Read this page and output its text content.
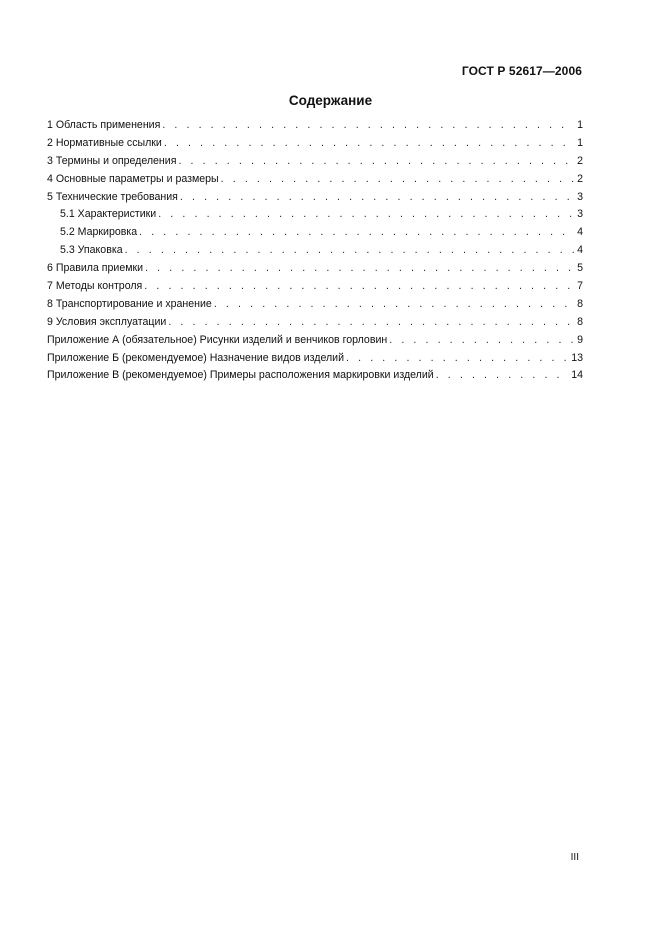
ГОСТ Р 52617—2006
Содержание
1 Область применения . . .	1
2 Нормативные ссылки . . .	1
3 Термины и определения . . .	2
4 Основные параметры и размеры . . .	2
5 Технические требования . . .	3
5.1 Характеристики . . .	3
5.2 Маркировка . . .	4
5.3 Упаковка . . .	4
6 Правила приемки . . .	5
7 Методы контроля . . .	7
8 Транспортирование и хранение . . .	8
9 Условия эксплуатации . . .	8
Приложение А (обязательное) Рисунки изделий и венчиков горловин . . .	9
Приложение Б (рекомендуемое) Назначение видов изделий . . .	13
Приложение В (рекомендуемое) Примеры расположения маркировки изделий . . .	14
III
